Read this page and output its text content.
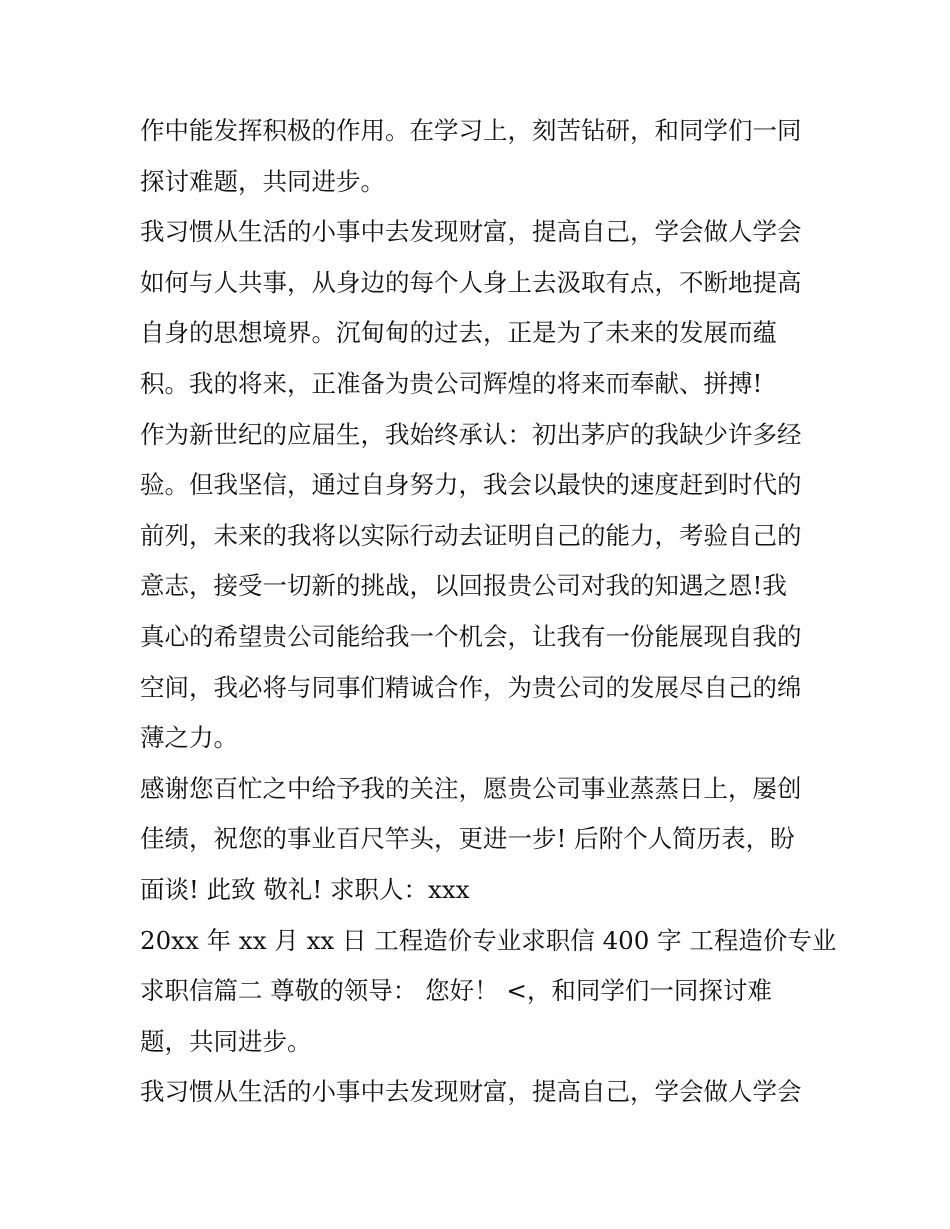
作中能发挥积极的作用。在学习上，刻苦钻研，和同学们一同
探讨难题，共同进步。
我习惯从生活的小事中去发现财富，提高自己，学会做人学会
如何与人共事，从身边的每个人身上去汲取有点，不断地提高
自身的思想境界。沉甸甸的过去，正是为了未来的发展而蕴
积。我的将来，正准备为贵公司辉煌的将来而奉献、拼搏!
作为新世纪的应届生，我始终承认：初出茅庐的我缺少许多经
验。但我坚信，通过自身努力，我会以最快的速度赶到时代的
前列，未来的我将以实际行动去证明自己的能力，考验自己的
意志，接受一切新的挑战，以回报贵公司对我的知遇之恩!我
真心的希望贵公司能给我一个机会，让我有一份能展现自我的
空间，我必将与同事们精诚合作，为贵公司的发展尽自己的绵
薄之力。
感谢您百忙之中给予我的关注，愿贵公司事业蒸蒸日上，屡创
佳绩，祝您的事业百尺竿头，更进一步! 后附个人简历表，盼
面谈! 此致 敬礼! 求职人：xxx
20xx 年 xx 月 xx 日 工程造价专业求职信 400 字 工程造价专业
求职信篇二 尊敬的领导： 您好！ <，和同学们一同探讨难
题，共同进步。
我习惯从生活的小事中去发现财富，提高自己，学会做人学会
